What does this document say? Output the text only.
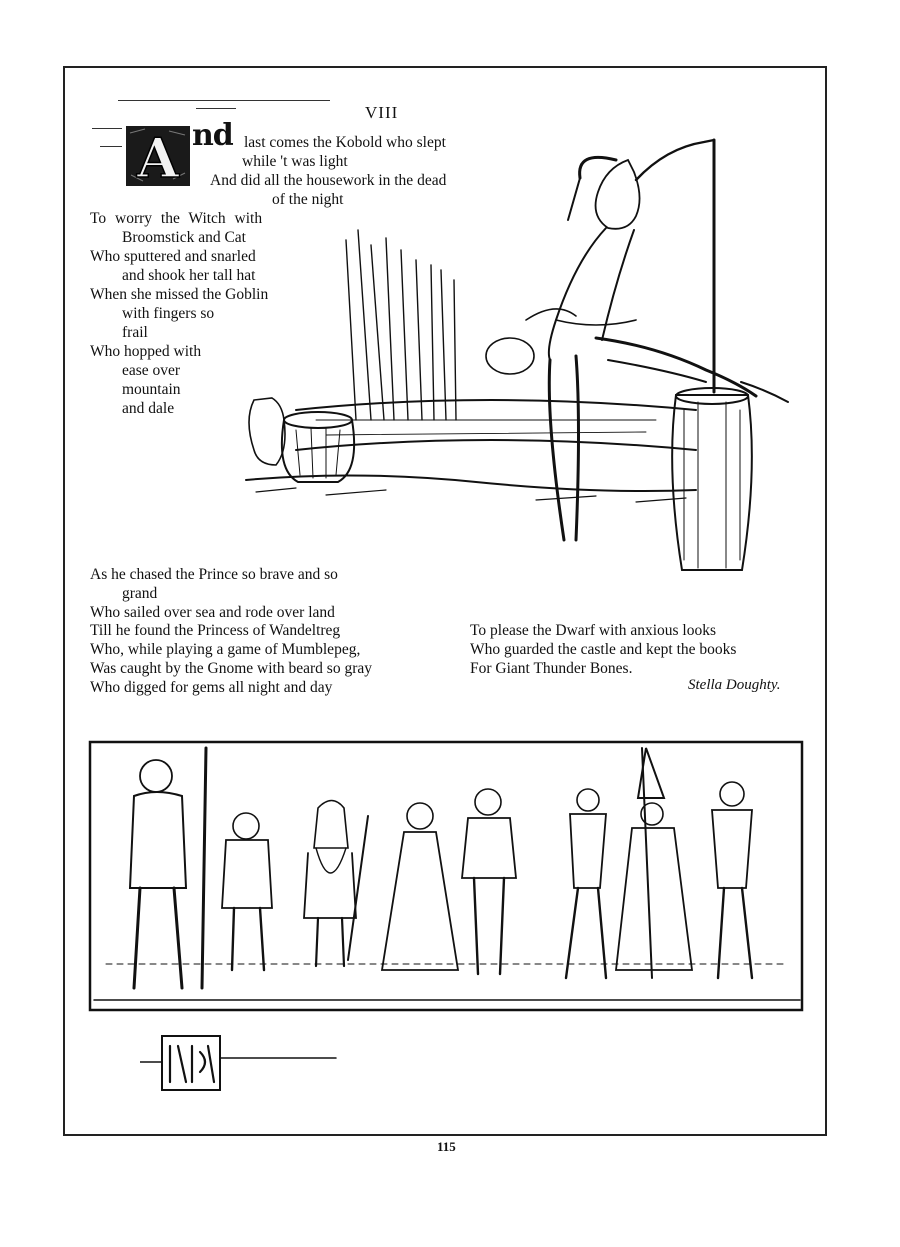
VIII
A nd last comes the Kobold who slept
while 't was light
And did all the housework in the dead
of the night
To worry the Witch with
Broomstick and Cat
Who sputtered and snarled
and shook her tall hat
When she missed the Goblin
with fingers so
frail
Who hopped with
ease over
mountain
and dale
As he chased the Prince so brave and so
grand
Who sailed over sea and rode over land
Till he found the Princess of Wandeltreg
Who, while playing a game of Mumblepeg,
Was caught by the Gnome with beard so gray
Who digged for gems all night and day
To please the Dwarf with anxious looks
Who guarded the castle and kept the books
For Giant Thunder Bones.
Stella Doughty.
115
